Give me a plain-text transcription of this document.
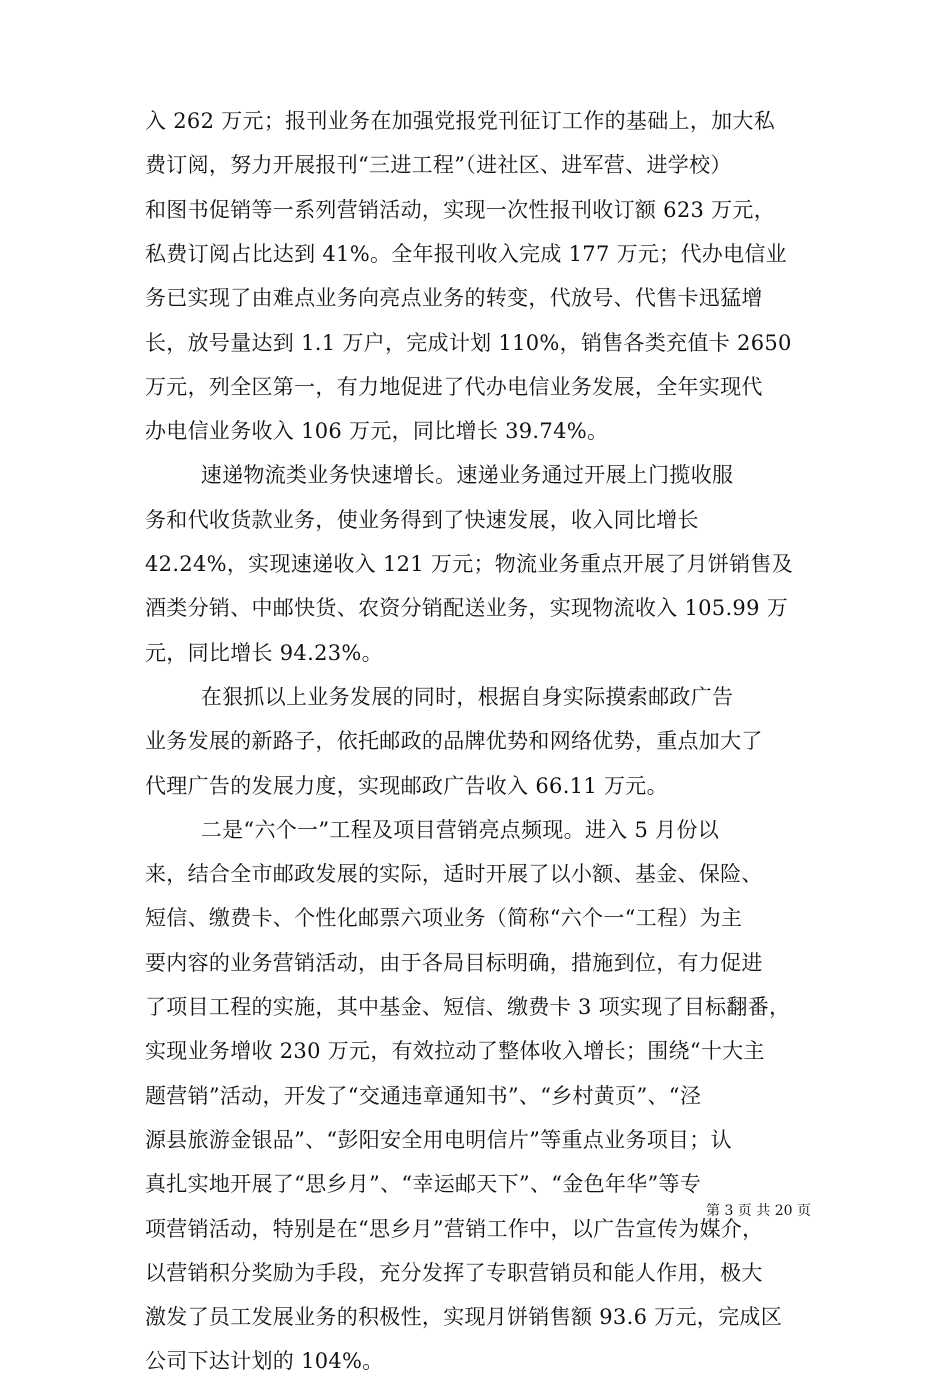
入 262 万元；报刊业务在加强党报党刊征订工作的基础上，加大私
费订阅，努力开展报刊“三进工程”（进社区、进军营、进学校）
和图书促销等一系列营销活动，实现一次性报刊收订额 623 万元，
私费订阅占比达到 41%。全年报刊收入完成 177 万元；代办电信业
务已实现了由难点业务向亮点业务的转变，代放号、代售卡迅猛增
长，放号量达到 1.1 万户，完成计划 110%，销售各类充值卡 2650
万元，列全区第一，有力地促进了代办电信业务发展，全年实现代
办电信业务收入 106 万元，同比增长 39.74%。
速递物流类业务快速增长。速递业务通过开展上门揽收服
务和代收货款业务，使业务得到了快速发展，收入同比增长
42.24%，实现速递收入 121 万元；物流业务重点开展了月饼销售及
酒类分销、中邮快货、农资分销配送业务，实现物流收入 105.99 万
元，同比增长 94.23%。
在狠抓以上业务发展的同时，根据自身实际摸索邮政广告
业务发展的新路子，依托邮政的品牌优势和网络优势，重点加大了
代理广告的发展力度，实现邮政广告收入 66.11 万元。
二是“六个一”工程及项目营销亮点频现。进入 5 月份以
来，结合全市邮政发展的实际，适时开展了以小额、基金、保险、
短信、缴费卡、个性化邮票六项业务（简称“六个一“工程）为主
要内容的业务营销活动，由于各局目标明确，措施到位，有力促进
了项目工程的实施，其中基金、短信、缴费卡 3 项实现了目标翻番，
实现业务增收 230 万元，有效拉动了整体收入增长；围绕“十大主
题营销”活动，开发了“交通违章通知书”、“乡村黄页”、“泾
源县旅游金银品”、“彭阳安全用电明信片”等重点业务项目；认
真扎实地开展了“思乡月”、“幸运邮天下”、“金色年华”等专
项营销活动，特别是在“思乡月”营销工作中，以广告宣传为媒介，
以营销积分奖励为手段，充分发挥了专职营销员和能人作用，极大
激发了员工发展业务的积极性，实现月饼销售额 93.6 万元，完成区
公司下达计划的 104%。
第 3 页 共 20 页
